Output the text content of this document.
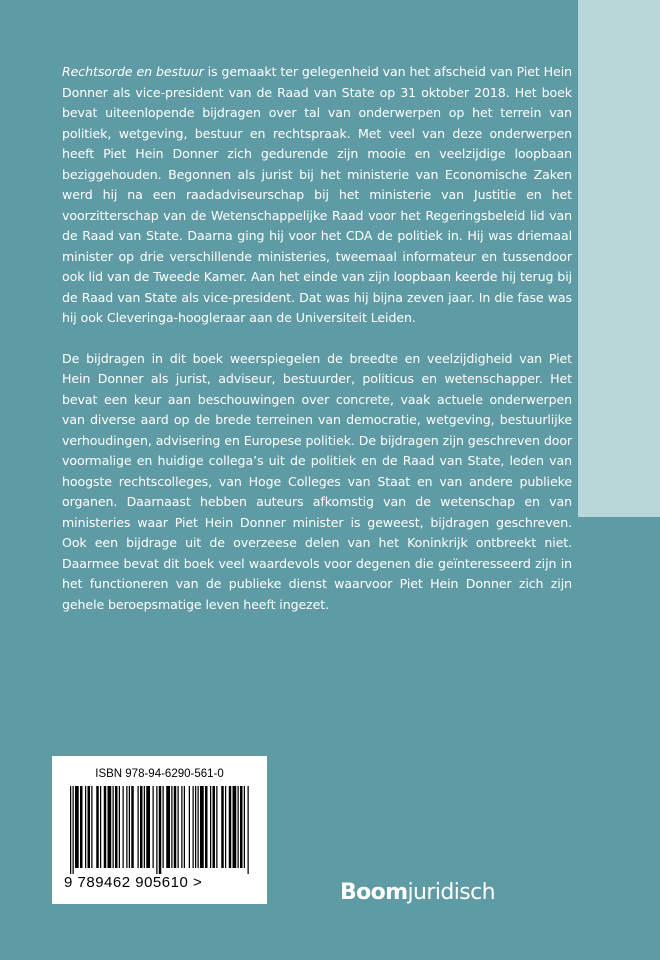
Rechtsorde en bestuur is gemaakt ter gelegenheid van het afscheid van Piet Hein Donner als vice-president van de Raad van State op 31 oktober 2018. Het boek bevat uiteenlopende bijdragen over tal van onderwerpen op het terrein van politiek, wetgeving, bestuur en rechtspraak. Met veel van deze onderwerpen heeft Piet Hein Donner zich gedurende zijn mooie en veelzijdige loopbaan beziggehouden. Begonnen als jurist bij het ministerie van Economische Zaken werd hij na een raadadviseurschap bij het ministerie van Justitie en het voorzitterschap van de Wetenschappelijke Raad voor het Regeringsbeleid lid van de Raad van State. Daarna ging hij voor het CDA de politiek in. Hij was driemaal minister op drie verschillende ministeries, tweemaal informateur en tussendoor ook lid van de Tweede Kamer. Aan het einde van zijn loopbaan keerde hij terug bij de Raad van State als vice-president. Dat was hij bijna zeven jaar. In die fase was hij ook Cleveringa-hoogleraar aan de Universiteit Leiden.

De bijdragen in dit boek weerspiegelen de breedte en veelzijdigheid van Piet Hein Donner als jurist, adviseur, bestuurder, politicus en wetenschapper. Het bevat een keur aan beschouwingen over concrete, vaak actuele onderwerpen van diverse aard op de brede terreinen van democratie, wetgeving, bestuurlijke verhoudingen, advisering en Europese politiek. De bijdragen zijn geschreven door voormalige en huidige collega’s uit de politiek en de Raad van State, leden van hoogste rechtscolleges, van Hoge Colleges van Staat en van andere publieke organen. Daarnaast hebben auteurs afkomstig van de wetenschap en van ministeries waar Piet Hein Donner minister is geweest, bijdragen geschreven. Ook een bijdrage uit de overzeese delen van het Koninkrijk ontbreekt niet. Daarmee bevat dit boek veel waardevols voor degenen die geïnteresseerd zijn in het functioneren van de publieke dienst waarvoor Piet Hein Donner zich zijn gehele beroepsmatige leven heeft ingezet.

ISBN 978-94-6290-561-0
9 789462 905610 >	Boomjuridisch
